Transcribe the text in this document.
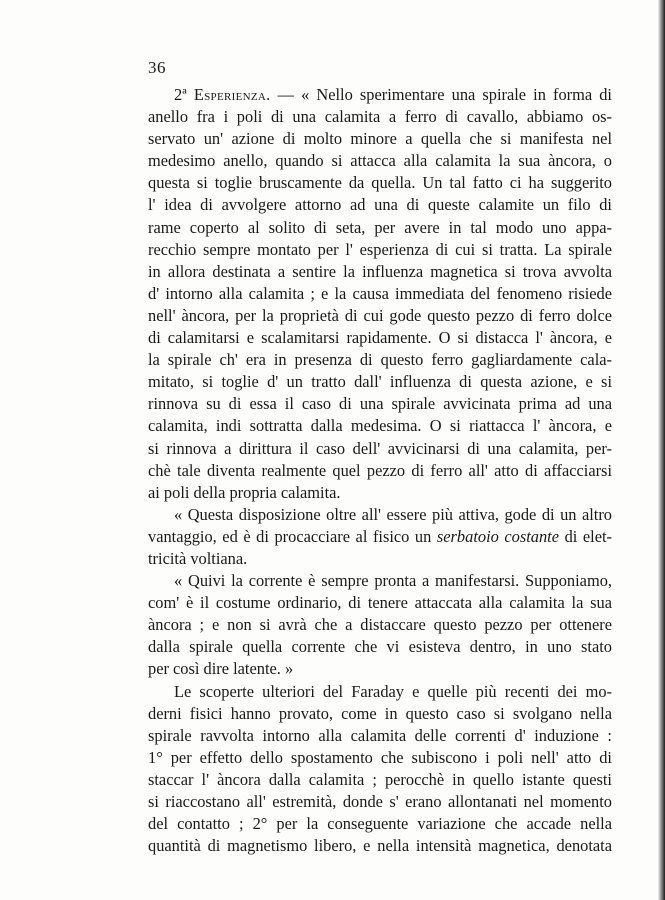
36
2ª Esperienza. — « Nello sperimentare una spirale in forma di
anello fra i poli di una calamita a ferro di cavallo, abbiamo os-
servato un' azione di molto minore a quella che si manifesta nel
medesimo anello, quando si attacca alla calamita la sua àncora, o
questa si toglie bruscamente da quella. Un tal fatto ci ha suggerito
l' idea di avvolgere attorno ad una di queste calamite un filo di
rame coperto al solito di seta, per avere in tal modo uno appa-
recchio sempre montato per l' esperienza di cui si tratta. La spirale
in allora destinata a sentire la influenza magnetica si trova avvolta
d' intorno alla calamita ; e la causa immediata del fenomeno risiede
nell' àncora, per la proprietà di cui gode questo pezzo di ferro dolce
di calamitarsi e scalamitarsi rapidamente. O si distacca l' àncora, e
la spirale ch' era in presenza di questo ferro gagliardamente cala-
mitato, si toglie d' un tratto dall' influenza di questa azione, e si
rinnova su di essa il caso di una spirale avvicinata prima ad una
calamita, indi sottratta dalla medesima. O si riattacca l' àncora, e
si rinnova a dirittura il caso dell' avvicinarsi di una calamita, per-
chè tale diventa realmente quel pezzo di ferro all' atto di affacciarsi
ai poli della propria calamita.
« Questa disposizione oltre all' essere più attiva, gode di un altro
vantaggio, ed è di procacciare al fisico un serbatoio costante di elet-
tricità voltiana.
« Quivi la corrente è sempre pronta a manifestarsi. Supponiamo,
com' è il costume ordinario, di tenere attaccata alla calamita la sua
àncora ; e non si avrà che a distaccare questo pezzo per ottenere
dalla spirale quella corrente che vi esisteva dentro, in uno stato
per così dire latente. »
Le scoperte ulteriori del Faraday e quelle più recenti dei mo-
derni fisici hanno provato, come in questo caso si svolgano nella
spirale ravvolta intorno alla calamita delle correnti d' induzione :
1° per effetto dello spostamento che subiscono i poli nell' atto di
staccar l' àncora dalla calamita ; perocchè in quello istante questi
si riaccostano all' estremità, donde s' erano allontanati nel momento
del contatto ; 2° per la conseguente variazione che accade nella
quantità di magnetismo libero, e nella intensità magnetica, denotata
